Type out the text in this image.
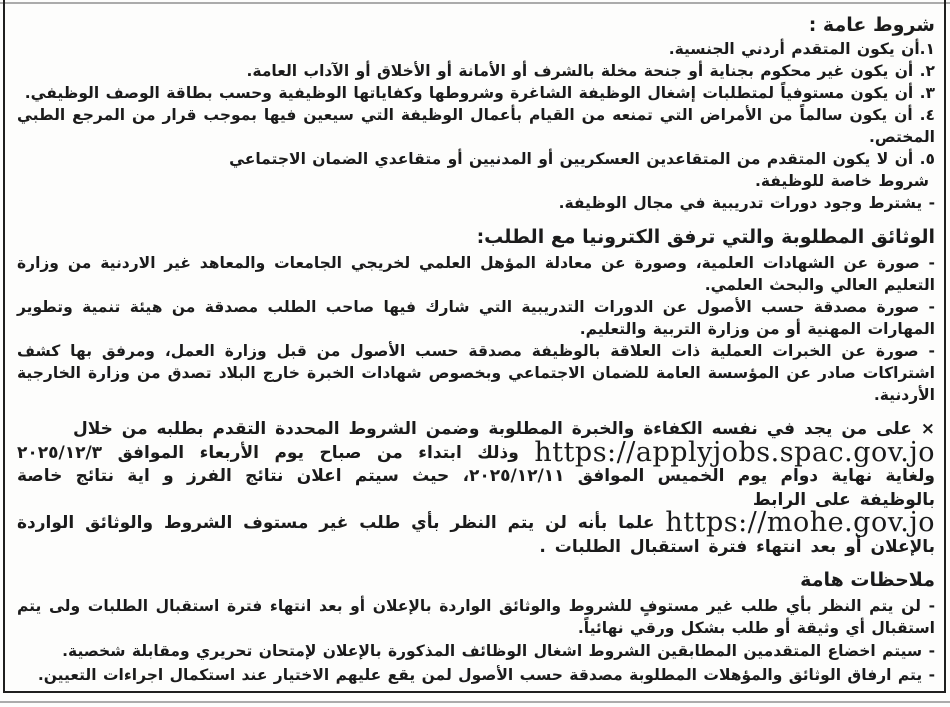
شروط عامة :
١.أن يكون المتقدم أردني الجنسية.
٢. أن يكون غير محكوم بجناية أو جنحة مخلة بالشرف أو الأمانة أو الأخلاق أو الآداب العامة.
٣. أن يكون مستوفياً لمتطلبات إشغال الوظيفة الشاغرة وشروطها وكفاياتها الوظيفية وحسب بطاقة الوصف الوظيفي.
٤. أن يكون سالماً من الأمراض التي تمنعه من القيام بأعمال الوظيفة التي سيعين فيها بموجب قرار من المرجع الطبي المختص.
٥. أن لا يكون المتقدم من المتقاعدين العسكريين أو المدنيين أو متقاعدي الضمان الاجتماعي
شروط خاصة للوظيفة.
- يشترط وجود دورات تدريبية في مجال الوظيفة.
الوثائق المطلوبة والتي ترفق الكترونيا مع الطلب:
- صورة عن الشهادات العلمية، وصورة عن معادلة المؤهل العلمي لخريجي الجامعات والمعاهد غير الاردنية من وزارة التعليم العالي والبحث العلمي.
- صورة مصدقة حسب الأصول عن الدورات التدريبية التي شارك فيها صاحب الطلب مصدقة من هيئة تنمية وتطوير المهارات المهنية أو من وزارة التربية والتعليم.
- صورة عن الخبرات العملية ذات العلاقة بالوظيفة مصدقة حسب الأصول من قبل وزارة العمل، ومرفق بها كشف اشتراكات صادر عن المؤسسة العامة للضمان الاجتماعي وبخصوص شهادات الخبرة خارج البلاد تصدق من وزارة الخارجية الأردنية.

× على من يجد في نفسه الكفاءة والخبرة المطلوبة وضمن الشروط المحددة التقدم بطلبه من خلال
https://applyjobs.spac.gov.jo وذلك ابتداء من صباح يوم الأربعاء الموافق ٢٠٢٥/١٢/٣ ولغاية نهاية دوام يوم الخميس الموافق ٢٠٢٥/١٢/١١، حيث سيتم اعلان نتائج الفرز و اية نتائج خاصة بالوظيفة على الرابط
https://mohe.gov.jo علما بأنه لن يتم النظر بأي طلب غير مستوف الشروط والوثائق الواردة بالإعلان أو بعد انتهاء فترة استقبال الطلبات .

ملاحظات هامة
- لن يتم النظر بأي طلب غير مستوفٍ للشروط والوثائق الواردة بالإعلان أو بعد انتهاء فترة استقبال الطلبات ولى يتم استقبال أي وثيقة أو طلب بشكل ورقي نهائياً.
- سيتم اخضاع المتقدمين المطابقين الشروط اشغال الوظائف المذكورة بالإعلان لإمتحان تحريري ومقابلة شخصية.
- يتم ارفاق الوثائق والمؤهلات المطلوبة مصدقة حسب الأصول لمن يقع عليهم الاختيار عند استكمال اجراءات التعيين.
